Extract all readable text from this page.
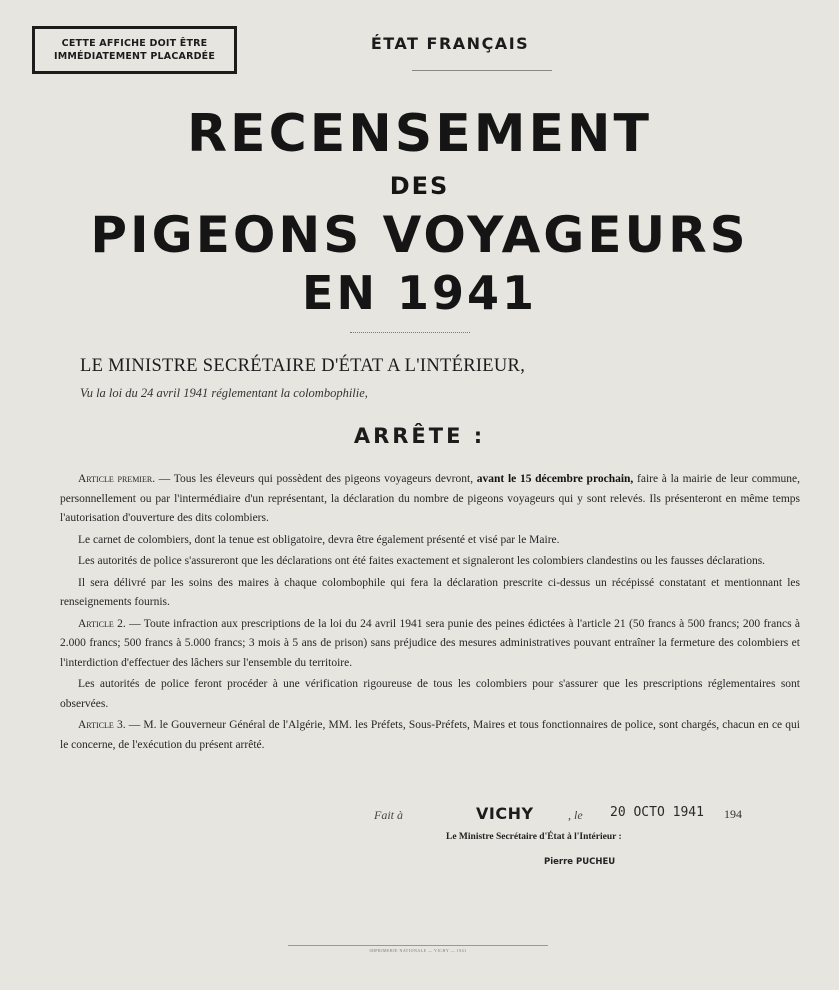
CETTE AFFICHE DOIT ÊTRE
IMMÉDIATEMENT PLACARDÉE
ÉTAT FRANÇAIS
RECENSEMENT
DES
PIGEONS VOYAGEURS
EN 1941
LE MINISTRE SECRÉTAIRE D'ÉTAT A L'INTÉRIEUR,
Vu la loi du 24 avril 1941 réglementant la colombophilie,
ARRÊTE :

Article premier. — Tous les éleveurs qui possèdent des pigeons voyageurs devront, avant le 15 décembre prochain, faire à la mairie de leur commune, personnellement ou par l'intermédiaire d'un représentant, la déclaration du nombre de pigeons voyageurs qui y sont relevés. Ils présenteront en même temps l'autorisation d'ouverture des dits colombiers.

Le carnet de colombiers, dont la tenue est obligatoire, devra être également présenté et visé par le Maire.

Les autorités de police s'assureront que les déclarations ont été faites exactement et signaleront les colombiers clandestins ou les fausses déclarations.

Il sera délivré par les soins des maires à chaque colombophile qui fera la déclaration prescrite ci-dessus un récépissé constatant et mentionnant les renseignements fournis.

Article 2. — Toute infraction aux prescriptions de la loi du 24 avril 1941 sera punie des peines édictées à l'article 21 (50 francs à 500 francs; 200 francs à 2.000 francs; 500 francs à 5.000 francs; 3 mois à 5 ans de prison) sans préjudice des mesures administratives pouvant entraîner la fermeture des colombiers et l'interdiction d'effectuer des lâchers sur l'ensemble du territoire.

Les autorités de police feront procéder à une vérification rigoureuse de tous les colombiers pour s'assurer que les prescriptions réglementaires sont observées.

Article 3. — M. le Gouverneur Général de l'Algérie, MM. les Préfets, Sous-Préfets, Maires et tous fonctionnaires de police, sont chargés, chacun en ce qui le concerne, de l'exécution du présent arrêté.

Fait à	VICHY	, le 20 OCTO 1941 194
Le Ministre Secrétaire d'État à l'Intérieur :
Pierre PUCHEU
IMPRIMERIE NATIONALE — VICHY — 1941
